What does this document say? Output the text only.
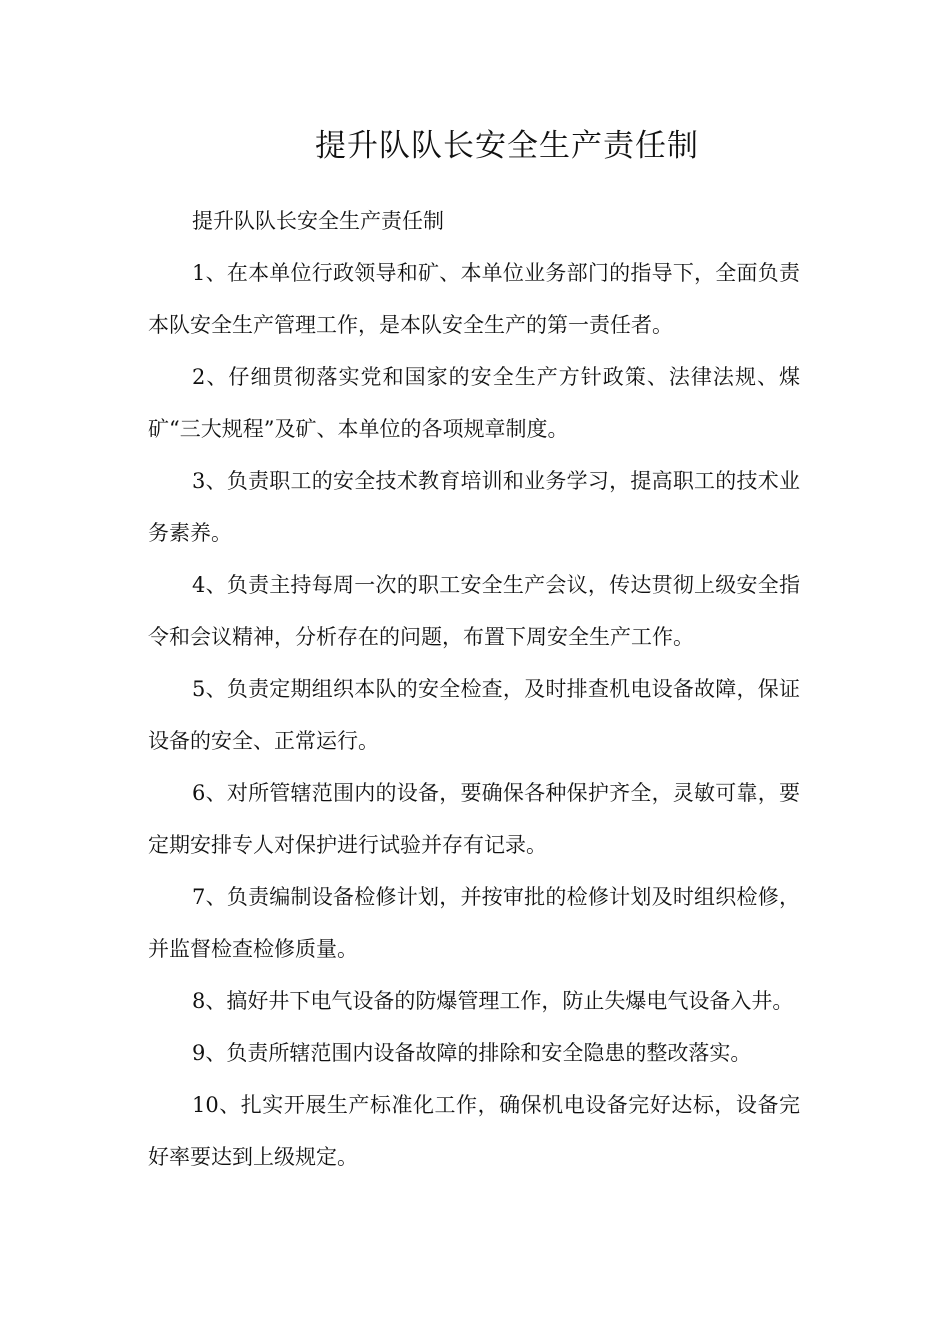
提升队队长安全生产责任制

提升队队长安全生产责任制

1、在本单位行政领导和矿、本单位业务部门的指导下，全面负责本队安全生产管理工作，是本队安全生产的第一责任者。

2、仔细贯彻落实党和国家的安全生产方针政策、法律法规、煤矿“三大规程”及矿、本单位的各项规章制度。

3、负责职工的安全技术教育培训和业务学习，提高职工的技术业务素养。

4、负责主持每周一次的职工安全生产会议，传达贯彻上级安全指令和会议精神，分析存在的问题，布置下周安全生产工作。

5、负责定期组织本队的安全检查，及时排查机电设备故障，保证设备的安全、正常运行。

6、对所管辖范围内的设备，要确保各种保护齐全，灵敏可靠，要定期安排专人对保护进行试验并存有记录。

7、负责编制设备检修计划，并按审批的检修计划及时组织检修，并监督检查检修质量。

8、搞好井下电气设备的防爆管理工作，防止失爆电气设备入井。

9、负责所辖范围内设备故障的排除和安全隐患的整改落实。

10、扎实开展生产标准化工作，确保机电设备完好达标，设备完好率要达到上级规定。
